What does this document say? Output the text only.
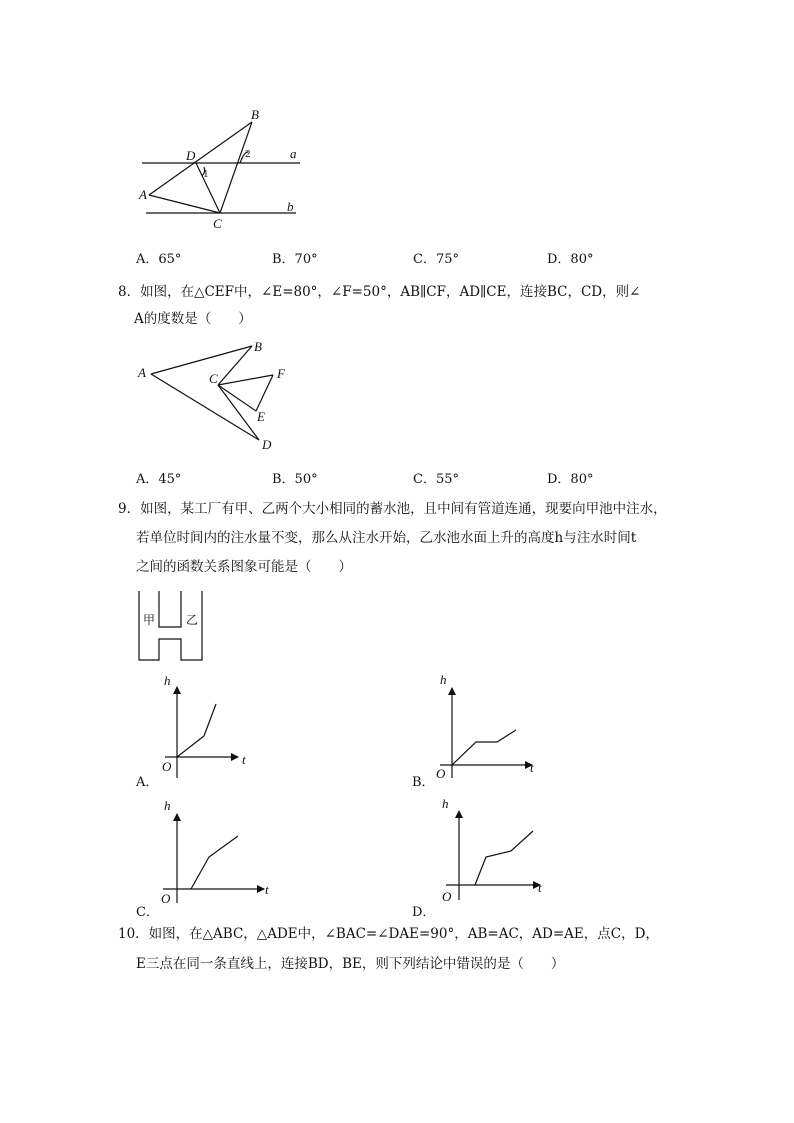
B
D	a
1
2
A
b
C
A．65°	B．70°	C．75°	D．80°
8．如图，在△CEF中，∠E=80°，∠F=50°，AB∥CF，AD∥CE，连接BC，CD，则∠
A的度数是（　　）
A
B
C	F
E
D
A．45°	B．50°	C．55°	D．80°
9．如图，某工厂有甲、乙两个大小相同的蓄水池，且中间有管道连通，现要向甲池中注水，
若单位时间内的注水量不变，那么从注水开始，乙水池水面上升的高度h与注水时间t
之间的函数关系图象可能是（　　）
甲	乙
h
t
O
h
t
O
h
t
O
h
t
O
A．	B．
C．	D．
10．如图，在△ABC，△ADE中，∠BAC=∠DAE=90°，AB=AC，AD=AE，点C，D，
E三点在同一条直线上，连接BD，BE，则下列结论中错误的是（　　）
